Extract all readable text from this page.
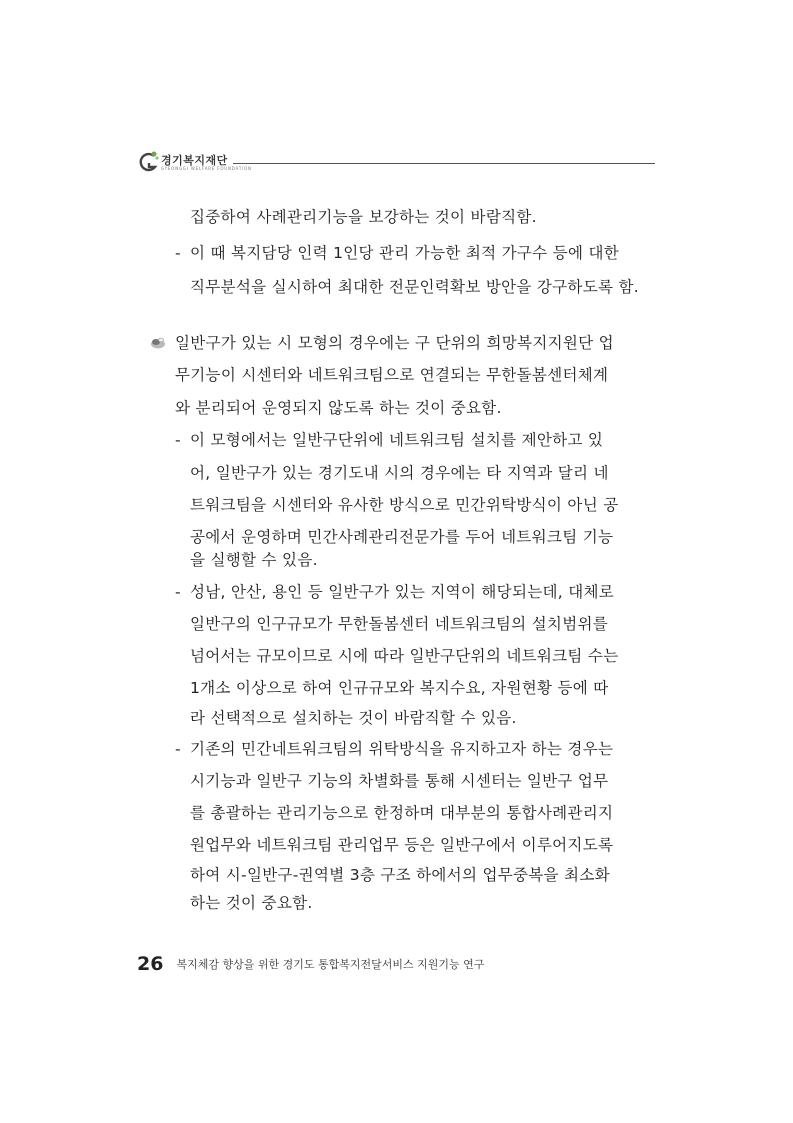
경기복지재단
GYEONGGI WELFARE FOUNDATION
집중하여 사례관리기능을 보강하는 것이 바람직함.
- 이 때 복지담당 인력 1인당 관리 가능한 최적 가구수 등에 대한
직무분석을 실시하여 최대한 전문인력확보 방안을 강구하도록 함.
일반구가 있는 시 모형의 경우에는 구 단위의 희망복지지원단 업
무기능이 시센터와 네트워크팀으로 연결되는 무한돌봄센터체계
와 분리되어 운영되지 않도록 하는 것이 중요함.
- 이 모형에서는 일반구단위에 네트워크팀 설치를 제안하고 있
어, 일반구가 있는 경기도내 시의 경우에는 타 지역과 달리 네
트워크팀을 시센터와 유사한 방식으로 민간위탁방식이 아닌 공
공에서 운영하며 민간사례관리전문가를 두어 네트워크팀 기능
을 실행할 수 있음.
- 성남, 안산, 용인 등 일반구가 있는 지역이 해당되는데, 대체로
일반구의 인구규모가 무한돌봄센터 네트워크팀의 설치범위를
넘어서는 규모이므로 시에 따라 일반구단위의 네트워크팀 수는
1개소 이상으로 하여 인규규모와 복지수요, 자원현황 등에 따
라 선택적으로 설치하는 것이 바람직할 수 있음.
- 기존의 민간네트워크팀의 위탁방식을 유지하고자 하는 경우는
시기능과 일반구 기능의 차별화를 통해 시센터는 일반구 업무
를 총괄하는 관리기능으로 한정하며 대부분의 통합사례관리지
원업무와 네트워크팀 관리업무 등은 일반구에서 이루어지도록
하여 시-일반구-권역별 3층 구조 하에서의 업무중복을 최소화
하는 것이 중요함.
26 복지체감 향상을 위한 경기도 통합복지전달서비스 지원기능 연구
